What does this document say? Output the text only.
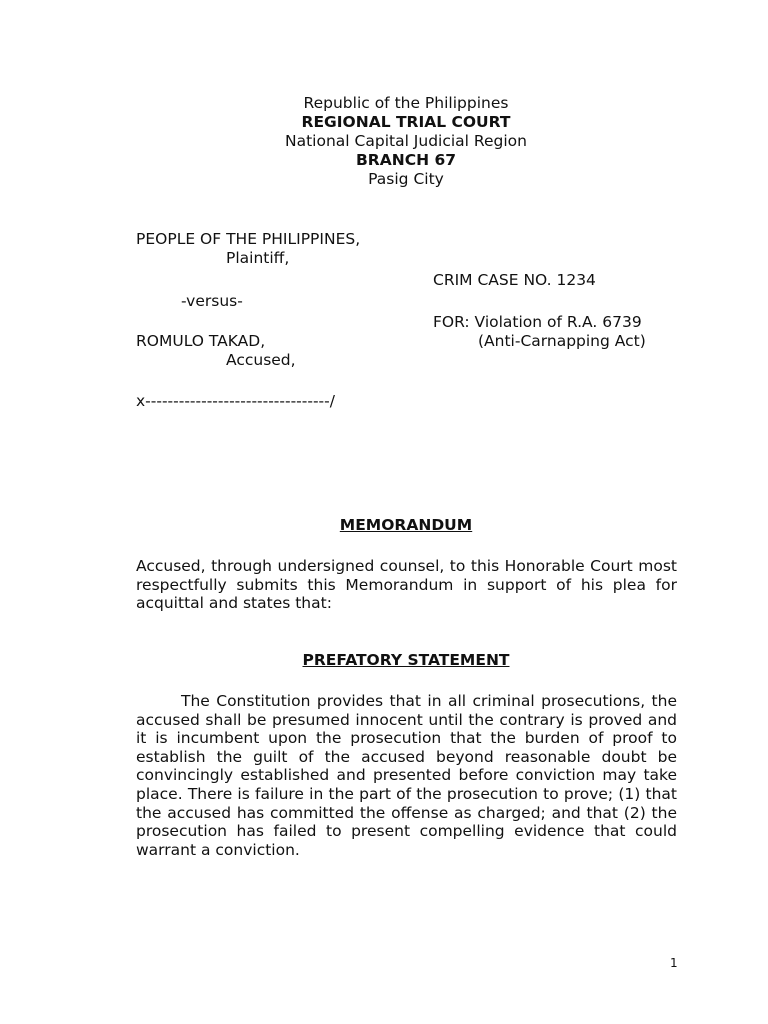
Republic of the Philippines
REGIONAL TRIAL COURT
National Capital Judicial Region
BRANCH 67
Pasig City
PEOPLE OF THE PHILIPPINES,
Plaintiff,
CRIM CASE NO. 1234
-versus-
FOR: Violation of R.A. 6739
ROMULO TAKAD,	(Anti-Carnapping Act)
Accused,
x---------------------------------/
MEMORANDUM

Accused, through undersigned counsel, to this Honorable Court most respectfully submits this Memorandum in support of his plea for acquittal and states that:

PREFATORY STATEMENT

The Constitution provides that in all criminal prosecutions, the accused shall be presumed innocent until the contrary is proved and it is incumbent upon the prosecution that the burden of proof to establish the guilt of the accused beyond reasonable doubt be convincingly established and presented before conviction may take place. There is failure in the part of the prosecution to prove; (1) that the accused has committed the offense as charged; and that (2) the prosecution has failed to present compelling evidence that could warrant a conviction.

1
